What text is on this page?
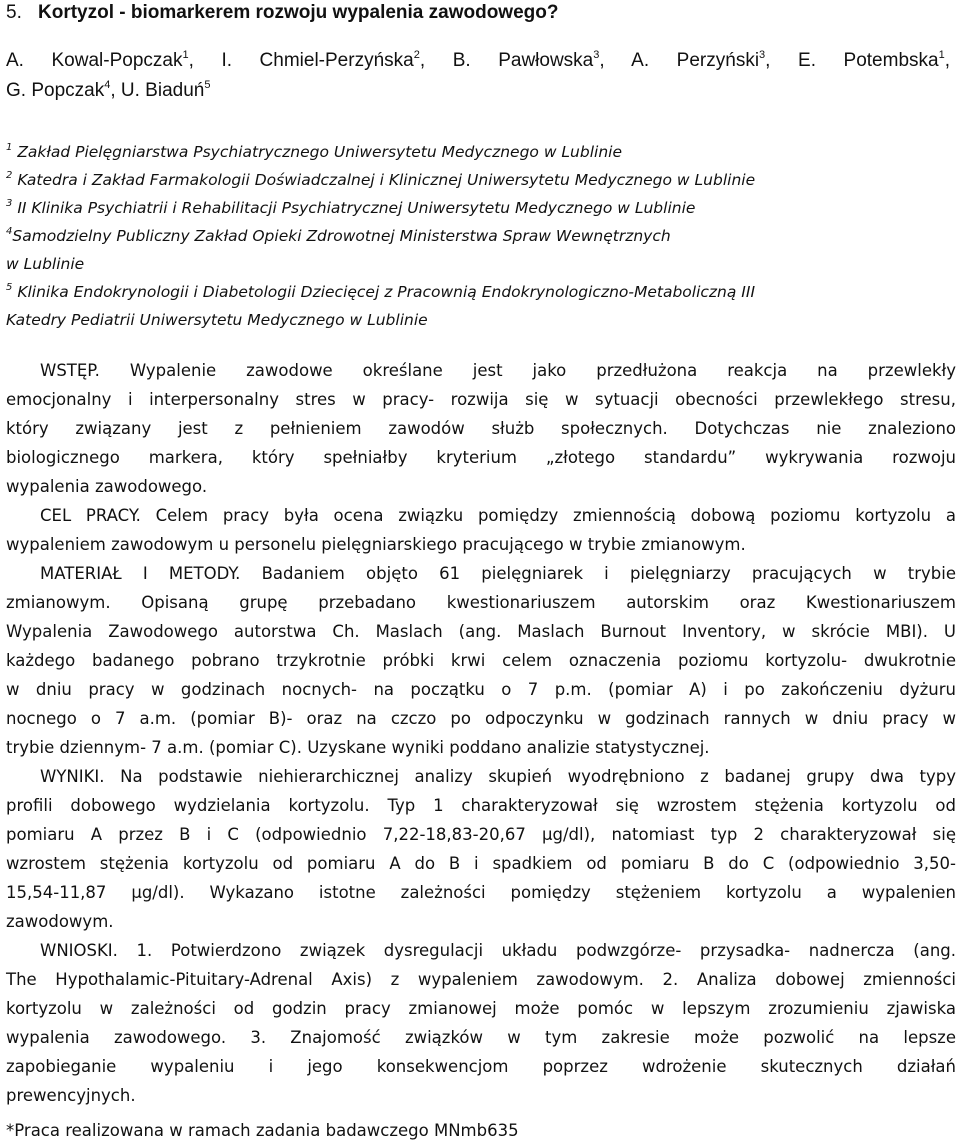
5. Kortyzol - biomarkerem rozwoju wypalenia zawodowego?
A. Kowal-Popczak$^1$, I. Chmiel-Perzyńska$^2$, B. Pawłowska$^3$, A. Perzyński$^3$, E. Potembska$^1$,
G. Popczak$^4$, U. Biaduń$^5$
$^1$ Zakład Pielęgniarstwa Psychiatrycznego Uniwersytetu Medycznego w Lublinie
$^2$ Katedra i Zakład Farmakologii Doświadczalnej i Klinicznej Uniwersytetu Medycznego w Lublinie
$^3$ II Klinika Psychiatrii i Rehabilitacji Psychiatrycznej Uniwersytetu Medycznego w Lublinie
$^4$Samodzielny Publiczny Zakład Opieki Zdrowotnej Ministerstwa Spraw Wewnętrznych
w Lublinie
$^5$ Klinika Endokrynologii i Diabetologii Dziecięcej z Pracownią Endokrynologiczno-Metaboliczną III
Katedry Pediatrii Uniwersytetu Medycznego w Lublinie
WSTĘP. Wypalenie zawodowe określane jest jako przedłużona reakcja na przewlekły
emocjonalny i interpersonalny stres w pracy- rozwija się w sytuacji obecności przewlekłego stresu,
który związany jest z pełnieniem zawodów służb społecznych. Dotychczas nie znaleziono
biologicznego markera, który spełniałby kryterium „złotego standardu” wykrywania rozwoju
wypalenia zawodowego.
CEL PRACY. Celem pracy była ocena związku pomiędzy zmiennością dobową poziomu kortyzolu a
wypaleniem zawodowym u personelu pielęgniarskiego pracującego w trybie zmianowym.
MATERIAŁ I METODY. Badaniem objęto 61 pielęgniarek i pielęgniarzy pracujących w trybie
zmianowym. Opisaną grupę przebadano kwestionariuszem autorskim oraz Kwestionariuszem
Wypalenia Zawodowego autorstwa Ch. Maslach (ang. Maslach Burnout Inventory, w skrócie MBI). U
każdego badanego pobrano trzykrotnie próbki krwi celem oznaczenia poziomu kortyzolu- dwukrotnie
w dniu pracy w godzinach nocnych- na początku o 7 p.m. (pomiar A) i po zakończeniu dyżuru
nocnego o 7 a.m. (pomiar B)- oraz na czczo po odpoczynku w godzinach rannych w dniu pracy w
trybie dziennym- 7 a.m. (pomiar C). Uzyskane wyniki poddano analizie statystycznej.
WYNIKI. Na podstawie niehierarchicznej analizy skupień wyodrębniono z badanej grupy dwa typy
profili dobowego wydzielania kortyzolu. Typ 1 charakteryzował się wzrostem stężenia kortyzolu od
pomiaru A przez B i C (odpowiednio 7,22-18,83-20,67 µg/dl), natomiast typ 2 charakteryzował się
wzrostem stężenia kortyzolu od pomiaru A do B i spadkiem od pomiaru B do C (odpowiednio 3,50-
15,54-11,87 µg/dl). Wykazano istotne zależności pomiędzy stężeniem kortyzolu a wypalenien
zawodowym.
WNIOSKI. 1. Potwierdzono związek dysregulacji układu podwzgórze- przysadka- nadnercza (ang.
The Hypothalamic-Pituitary-Adrenal Axis) z wypaleniem zawodowym. 2. Analiza dobowej zmienności
kortyzolu w zależności od godzin pracy zmianowej może pomóc w lepszym zrozumieniu zjawiska
wypalenia zawodowego. 3. Znajomość związków w tym zakresie może pozwolić na lepsze
zapobieganie wypaleniu i jego konsekwencjom poprzez wdrożenie skutecznych działań
prewencyjnych.
*Praca realizowana w ramach zadania badawczego MNmb635
